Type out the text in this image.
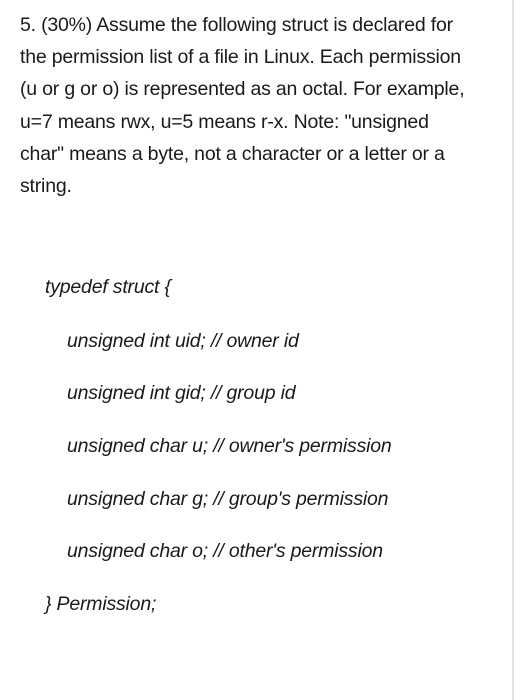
5. (30%) Assume the following struct is declared for
the permission list of a file in Linux. Each permission
(u or g or o) is represented as an octal. For example,
u=7 means rwx, u=5 means r-x. Note: "unsigned
char" means a byte, not a character or a letter or a
string.

typedef struct {

unsigned int uid; // owner id

unsigned int gid; // group id

unsigned char u; // owner's permission

unsigned char g; // group's permission

unsigned char o; // other's permission

} Permission;
